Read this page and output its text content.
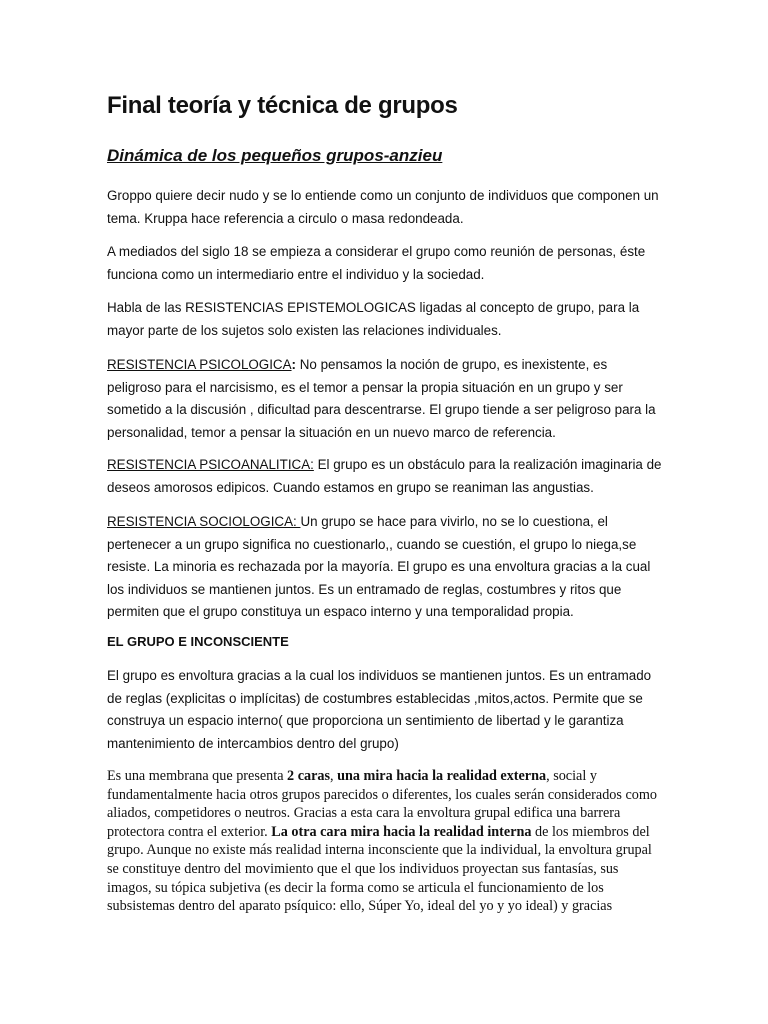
Final teoría y técnica de grupos
Dinámica de los pequeños grupos-anzieu

Groppo quiere decir nudo y se lo entiende como un conjunto de individuos que componen un tema. Kruppa hace referencia a circulo o masa redondeada.

A mediados del siglo 18 se empieza a considerar el grupo como reunión de personas, éste funciona como un intermediario entre el individuo y la sociedad.

Habla de las RESISTENCIAS EPISTEMOLOGICAS ligadas al concepto de grupo, para la mayor parte de los sujetos solo existen las relaciones individuales.

RESISTENCIA PSICOLOGICA: No pensamos la noción de grupo, es inexistente, es peligroso para el narcisismo, es el temor a pensar la propia situación en un grupo y ser sometido a la discusión , dificultad para descentrarse. El grupo tiende a ser peligroso para la personalidad, temor a pensar la situación en un nuevo marco de referencia.

RESISTENCIA PSICOANALITICA: El grupo es un obstáculo para la realización imaginaria de deseos amorosos edipicos. Cuando estamos en grupo se reaniman las angustias.

RESISTENCIA SOCIOLOGICA: Un grupo se hace para vivirlo, no se lo cuestiona, el pertenecer a un grupo significa no cuestionarlo,, cuando se cuestión, el grupo lo niega,se resiste. La minoria es rechazada por la mayoría. El grupo es una envoltura gracias a la cual los individuos se mantienen juntos. Es un entramado de reglas, costumbres y ritos que permiten que el grupo constituya un espaco interno y una temporalidad propia.

EL GRUPO E INCONSCIENTE

El grupo es envoltura gracias a la cual los individuos se mantienen juntos. Es un entramado de reglas (explicitas o implícitas) de costumbres establecidas ,mitos,actos. Permite que se construya un espacio interno( que proporciona un sentimiento de libertad y le garantiza mantenimiento de intercambios dentro del grupo)

Es una membrana que presenta 2 caras, una mira hacia la realidad externa, social y fundamentalmente hacia otros grupos parecidos o diferentes, los cuales serán considerados como aliados, competidores o neutros. Gracias a esta cara la envoltura grupal edifica una barrera protectora contra el exterior. La otra cara mira hacia la realidad interna de los miembros del grupo. Aunque no existe más realidad interna inconsciente que la individual, la envoltura grupal se constituye dentro del movimiento que el que los individuos proyectan sus fantasías, sus imagos, su tópica subjetiva (es decir la forma como se articula el funcionamiento de los subsistemas dentro del aparato psíquico: ello, Súper Yo, ideal del yo y yo ideal) y gracias
